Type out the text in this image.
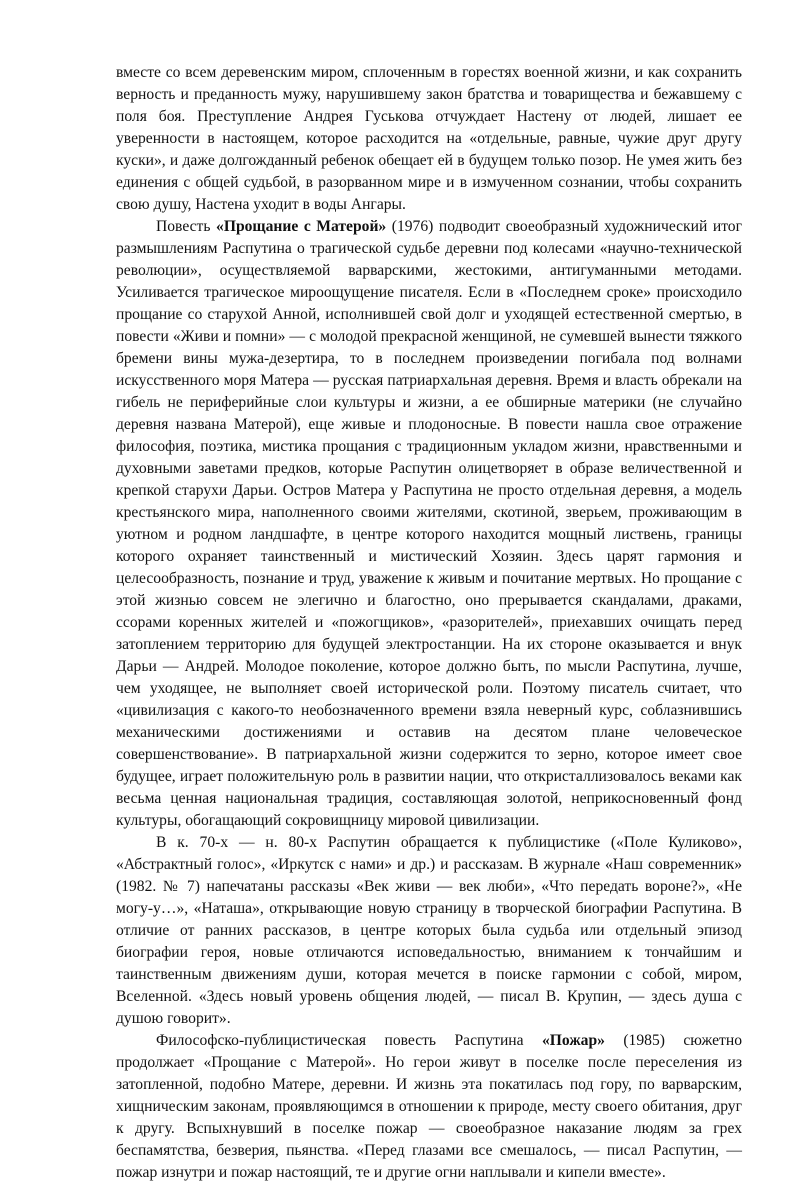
вместе со всем деревенским миром, сплоченным в горестях военной жизни, и как сохранить верность и преданность мужу, нарушившему закон братства и товарищества и бежавшему с поля боя. Преступление Андрея Гуськова отчуждает Настену от людей, лишает ее уверенности в настоящем, которое расходится на «отдельные, равные, чужие друг другу куски», и даже долгожданный ребенок обещает ей в будущем только позор. Не умея жить без единения с общей судьбой, в разорванном мире и в измученном сознании, чтобы сохранить свою душу, Настена уходит в воды Ангары.

Повесть «Прощание с Матерой» (1976) подводит своеобразный художнический итог размышлениям Распутина о трагической судьбе деревни под колесами «научно-технической революции», осуществляемой варварскими, жестокими, антигуманными методами. Усиливается трагическое мироощущение писателя. Если в «Последнем сроке» происходило прощание со старухой Анной, исполнившей свой долг и уходящей естественной смертью, в повести «Живи и помни» — с молодой прекрасной женщиной, не сумевшей вынести тяжкого бремени вины мужа-дезертира, то в последнем произведении погибала под волнами искусственного моря Матера — русская патриархальная деревня. Время и власть обрекали на гибель не периферийные слои культуры и жизни, а ее обширные материки (не случайно деревня названа Матерой), еще живые и плодоносные. В повести нашла свое отражение философия, поэтика, мистика прощания с традиционным укладом жизни, нравственными и духовными заветами предков, которые Распутин олицетворяет в образе величественной и крепкой старухи Дарьи. Остров Матера у Распутина не просто отдельная деревня, а модель крестьянского мира, наполненного своими жителями, скотиной, зверьем, проживающим в уютном и родном ландшафте, в центре которого находится мощный листвень, границы которого охраняет таинственный и мистический Хозяин. Здесь царят гармония и целесообразность, познание и труд, уважение к живым и почитание мертвых. Но прощание с этой жизнью совсем не элегично и благостно, оно прерывается скандалами, драками, ссорами коренных жителей и «пожогщиков», «разорителей», приехавших очищать перед затоплением территорию для будущей электростанции. На их стороне оказывается и внук Дарьи — Андрей. Молодое поколение, которое должно быть, по мысли Распутина, лучше, чем уходящее, не выполняет своей исторической роли. Поэтому писатель считает, что «цивилизация с какого-то необозначенного времени взяла неверный курс, соблазнившись механическими достижениями и оставив на десятом плане человеческое совершенствование». В патриархальной жизни содержится то зерно, которое имеет свое будущее, играет положительную роль в развитии нации, что откристаллизовалось веками как весьма ценная национальная традиция, составляющая золотой, неприкосновенный фонд культуры, обогащающий сокровищницу мировой цивилизации.

В к. 70-х — н. 80-х Распутин обращается к публицистике («Поле Куликово», «Абстрактный голос», «Иркутск с нами» и др.) и рассказам. В журнале «Наш современник» (1982. № 7) напечатаны рассказы «Век живи — век люби», «Что передать вороне?», «Не могу-у…», «Наташа», открывающие новую страницу в творческой биографии Распутина. В отличие от ранних рассказов, в центре которых была судьба или отдельный эпизод биографии героя, новые отличаются исповедальностью, вниманием к тончайшим и таинственным движениям души, которая мечется в поиске гармонии с собой, миром, Вселенной. «Здесь новый уровень общения людей, — писал В. Крупин, — здесь душа с душою говорит».

Философско-публицистическая повесть Распутина «Пожар» (1985) сюжетно продолжает «Прощание с Матерой». Но герои живут в поселке после переселения из затопленной, подобно Матере, деревни. И жизнь эта покатилась под гору, по варварским, хищническим законам, проявляющимся в отношении к природе, месту своего обитания, друг к другу. Вспыхнувший в поселке пожар — своеобразное наказание людям за грех беспамятства, безверия, пьянства. «Перед глазами все смешалось, — писал Распутин, — пожар изнутри и пожар настоящий, те и другие огни наплывали и кипели вместе».
